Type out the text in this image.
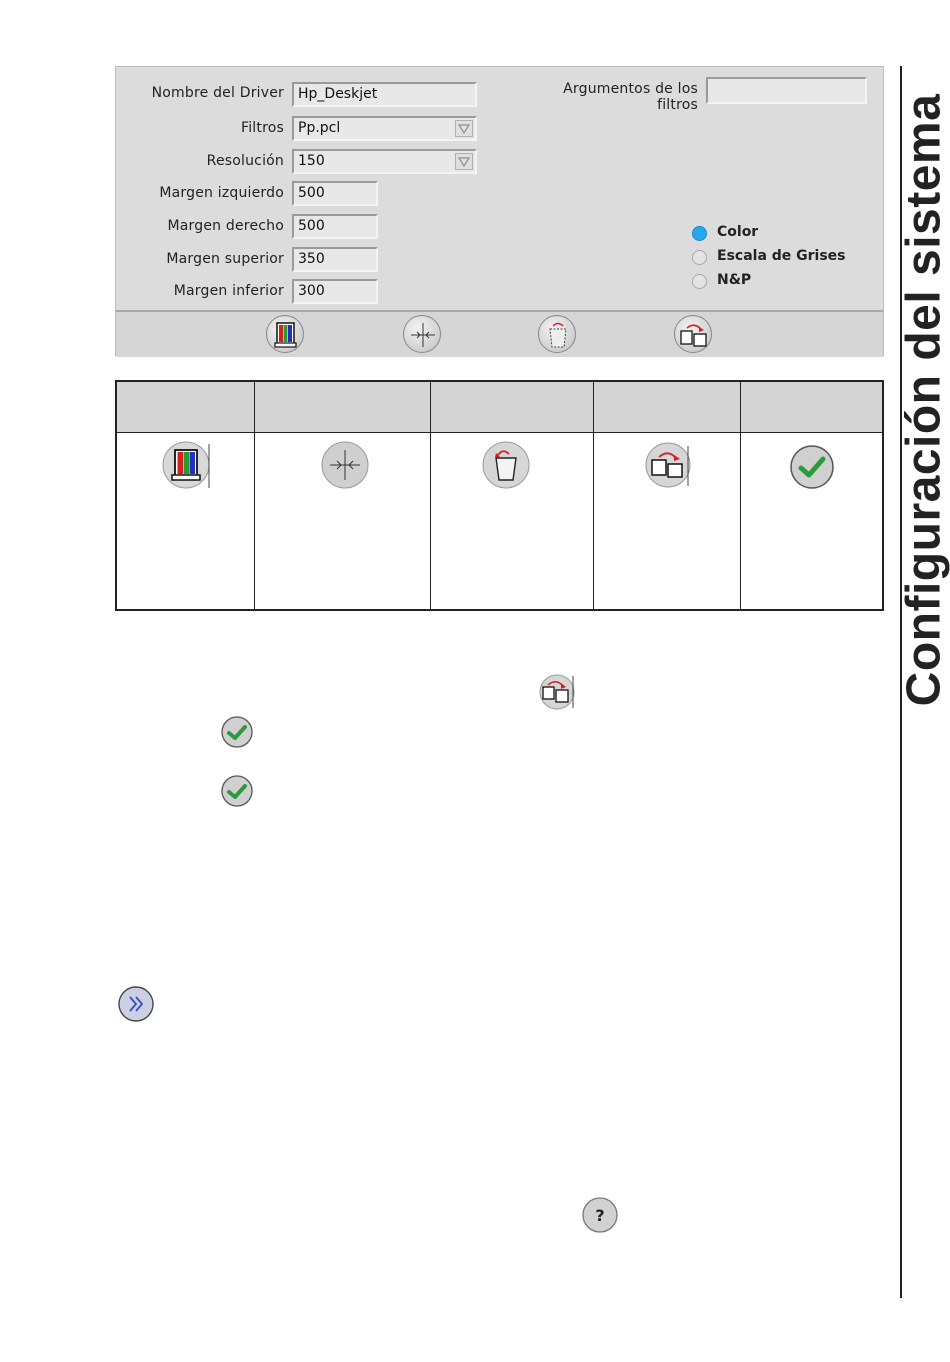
Nombre del Driver	Hp_Deskjet
Filtros	Pp.pcl
Resolución	150
Margen izquierdo	500
Margen derecho	500
Margen superior	350
Margen inferior	300
Argumentos de los filtros
Color
Escala de Grises
N&P
?
Configuración del sistema
